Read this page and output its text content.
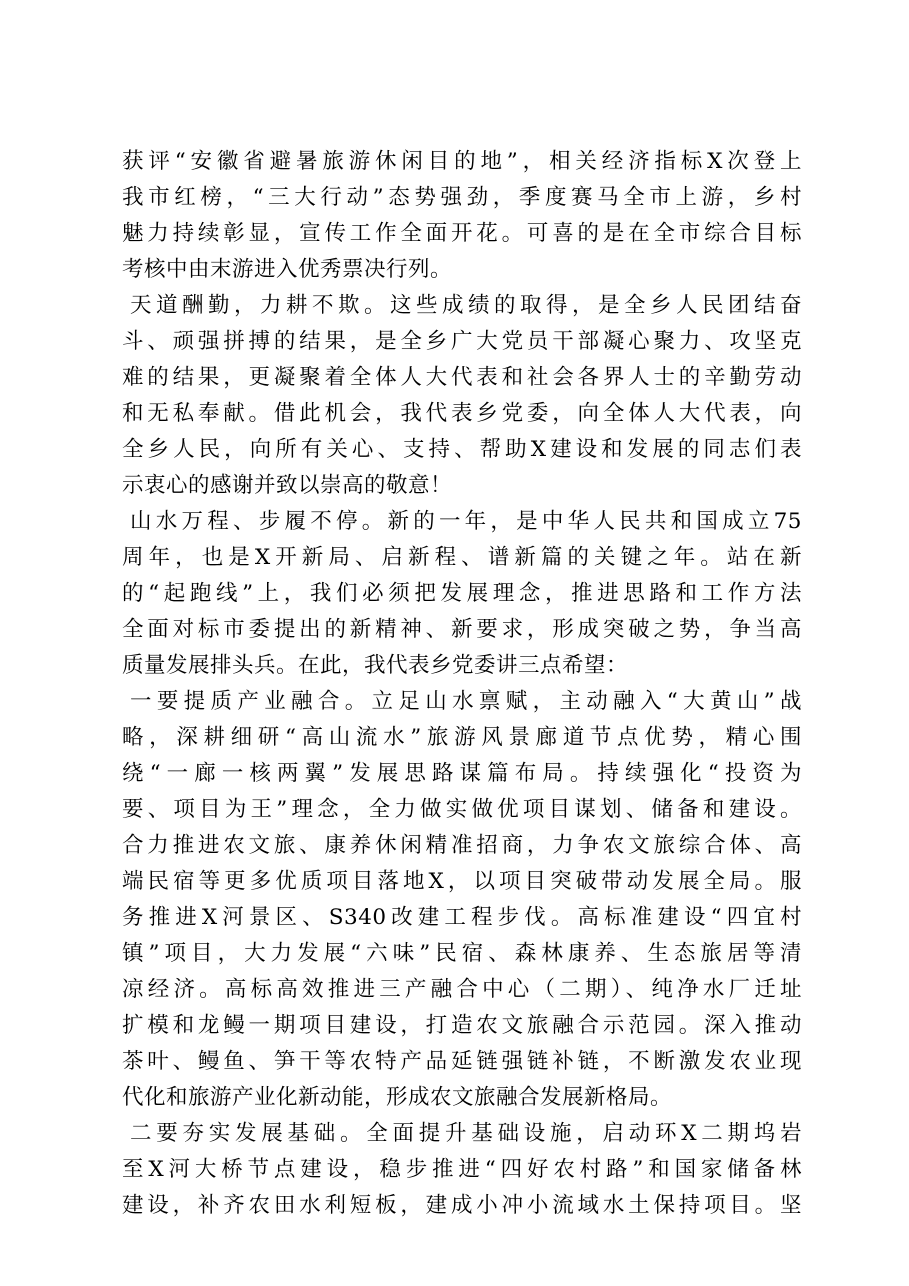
获评“安徽省避暑旅游休闲目的地”，相关经济指标X次登上
我市红榜，“三大行动”态势强劲，季度赛马全市上游，乡村
魅力持续彰显，宣传工作全面开花。可喜的是在全市综合目标
考核中由末游进入优秀票决行列。
天道酬勤，力耕不欺。这些成绩的取得，是全乡人民团结奋
斗、顽强拼搏的结果，是全乡广大党员干部凝心聚力、攻坚克
难的结果，更凝聚着全体人大代表和社会各界人士的辛勤劳动
和无私奉献。借此机会，我代表乡党委，向全体人大代表，向
全乡人民，向所有关心、支持、帮助X建设和发展的同志们表
示衷心的感谢并致以崇高的敬意！
山水万程、步履不停。新的一年，是中华人民共和国成立75
周年，也是X开新局、启新程、谱新篇的关键之年。站在新
的“起跑线”上，我们必须把发展理念，推进思路和工作方法
全面对标市委提出的新精神、新要求，形成突破之势，争当高
质量发展排头兵。在此，我代表乡党委讲三点希望：
一要提质产业融合。立足山水禀赋，主动融入“大黄山”战
略，深耕细研“高山流水”旅游风景廊道节点优势，精心围
绕“一廊一核两翼”发展思路谋篇布局。持续强化“投资为
要、项目为王”理念，全力做实做优项目谋划、储备和建设。
合力推进农文旅、康养休闲精准招商，力争农文旅综合体、高
端民宿等更多优质项目落地X，以项目突破带动发展全局。服
务推进X河景区、S340改建工程步伐。高标准建设“四宜村
镇”项目，大力发展“六味”民宿、森林康养、生态旅居等清
凉经济。高标高效推进三产融合中心（二期）、纯净水厂迁址
扩模和龙鳗一期项目建设，打造农文旅融合示范园。深入推动
茶叶、鳗鱼、笋干等农特产品延链强链补链，不断激发农业现
代化和旅游产业化新动能，形成农文旅融合发展新格局。
二要夯实发展基础。全面提升基础设施，启动环X二期坞岩
至X河大桥节点建设，稳步推进“四好农村路”和国家储备林
建设，补齐农田水利短板，建成小冲小流域水土保持项目。坚
